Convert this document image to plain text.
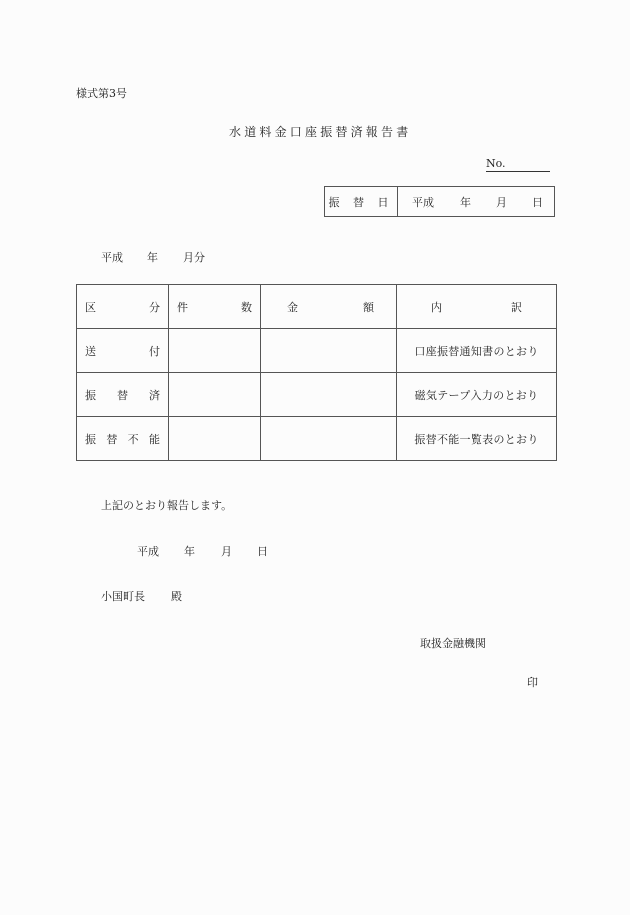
様式第3号
水道料金口座振替済報告書
No.
振 替 日	平成 年 月 日
平成 年 月分
区 分	件 数	金 額	内 訳

送 付			口座振替通知書のとおり

振 替 済			磁気テープ入力のとおり

振 替 不 能			振替不能一覧表のとおり
上記のとおり報告します。
平成 年 月 日
小国町長 殿
取扱金融機関
印
